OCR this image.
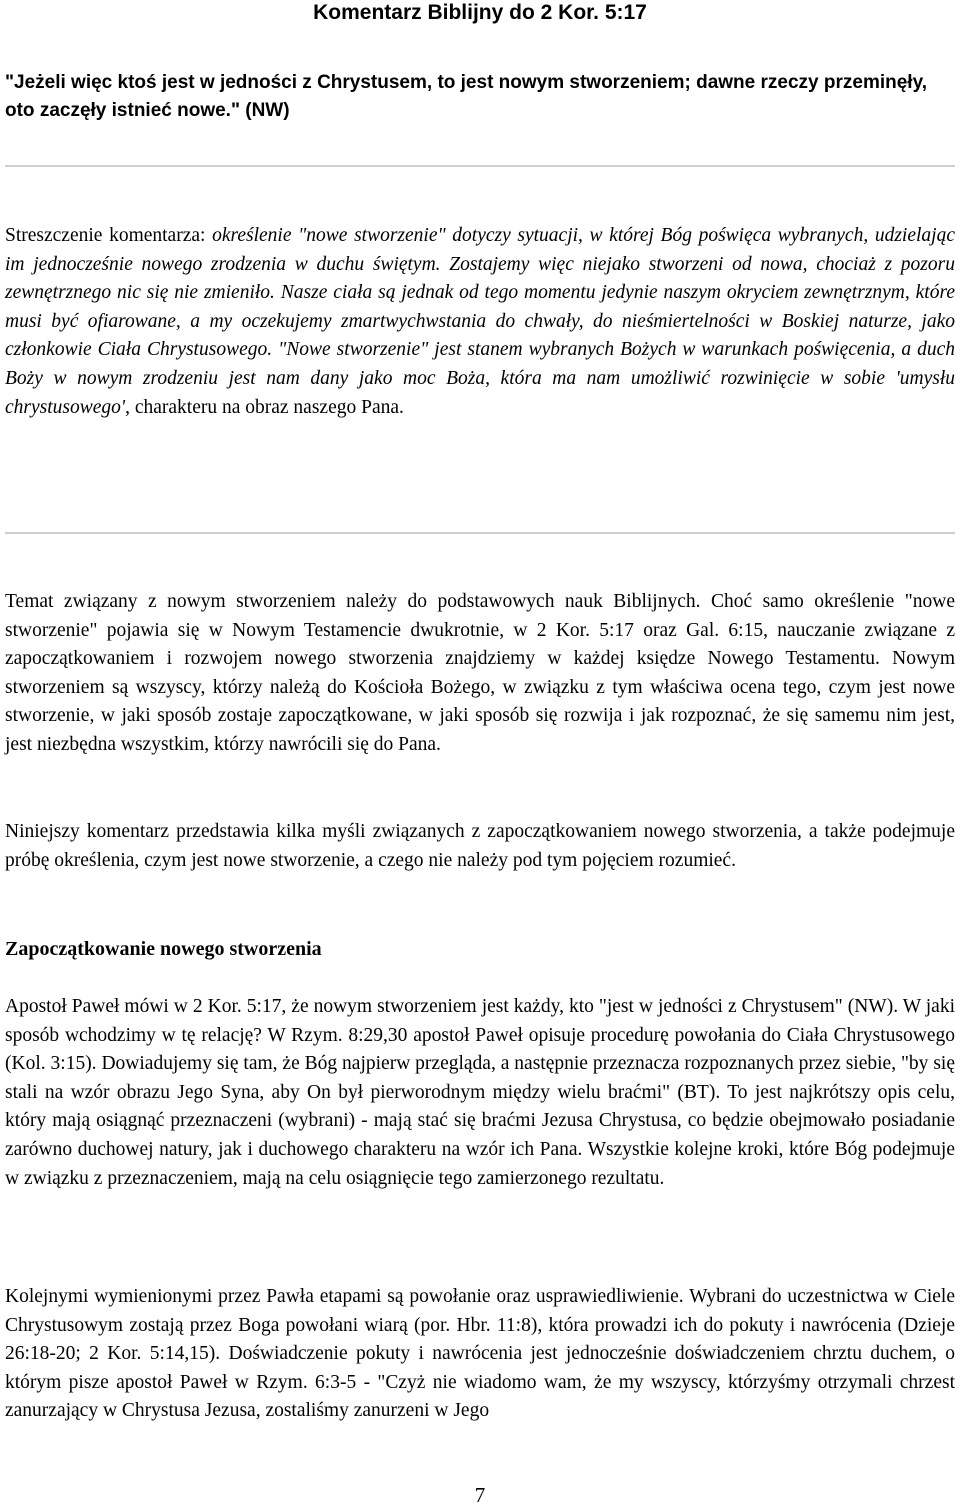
Komentarz Biblijny do 2 Kor. 5:17

"Jeżeli więc ktoś jest w jedności z Chrystusem, to jest nowym stworzeniem; dawne rzeczy przeminęły, oto zaczęły istnieć nowe." (NW)

Streszczenie komentarza: określenie "nowe stworzenie" dotyczy sytuacji, w której Bóg poświęca wybranych, udzielając im jednocześnie nowego zrodzenia w duchu świętym. Zostajemy więc niejako stworzeni od nowa, chociaż z pozoru zewnętrznego nic się nie zmieniło. Nasze ciała są jednak od tego momentu jedynie naszym okryciem zewnętrznym, które musi być ofiarowane, a my oczekujemy zmartwychwstania do chwały, do nieśmiertelności w Boskiej naturze, jako członkowie Ciała Chrystusowego. "Nowe stworzenie" jest stanem wybranych Bożych w warunkach poświęcenia, a duch Boży w nowym zrodzeniu jest nam dany jako moc Boża, która ma nam umożliwić rozwinięcie w sobie 'umysłu chrystusowego', charakteru na obraz naszego Pana.

Temat związany z nowym stworzeniem należy do podstawowych nauk Biblijnych. Choć samo określenie "nowe stworzenie" pojawia się w Nowym Testamencie dwukrotnie, w 2 Kor. 5:17 oraz Gal. 6:15, nauczanie związane z zapoczątkowaniem i rozwojem nowego stworzenia znajdziemy w każdej księdze Nowego Testamentu. Nowym stworzeniem są wszyscy, którzy należą do Kościoła Bożego, w związku z tym właściwa ocena tego, czym jest nowe stworzenie, w jaki sposób zostaje zapoczątkowane, w jaki sposób się rozwija i jak rozpoznać, że się samemu nim jest, jest niezbędna wszystkim, którzy nawrócili się do Pana.

Niniejszy komentarz przedstawia kilka myśli związanych z zapoczątkowaniem nowego stworzenia, a także podejmuje próbę określenia, czym jest nowe stworzenie, a czego nie należy pod tym pojęciem rozumieć.

Zapoczątkowanie nowego stworzenia

Apostoł Paweł mówi w 2 Kor. 5:17, że nowym stworzeniem jest każdy, kto "jest w jedności z Chrystusem" (NW). W jaki sposób wchodzimy w tę relację? W Rzym. 8:29,30 apostoł Paweł opisuje procedurę powołania do Ciała Chrystusowego (Kol. 3:15). Dowiadujemy się tam, że Bóg najpierw przegląda, a następnie przeznacza rozpoznanych przez siebie, "by się stali na wzór obrazu Jego Syna, aby On był pierworodnym między wielu braćmi" (BT). To jest najkrótszy opis celu, który mają osiągnąć przeznaczeni (wybrani) - mają stać się braćmi Jezusa Chrystusa, co będzie obejmowało posiadanie zarówno duchowej natury, jak i duchowego charakteru na wzór ich Pana. Wszystkie kolejne kroki, które Bóg podejmuje w związku z przeznaczeniem, mają na celu osiągnięcie tego zamierzonego rezultatu.

Kolejnymi wymienionymi przez Pawła etapami są powołanie oraz usprawiedliwienie. Wybrani do uczestnictwa w Ciele Chrystusowym zostają przez Boga powołani wiarą (por. Hbr. 11:8), która prowadzi ich do pokuty i nawrócenia (Dzieje 26:18-20; 2 Kor. 5:14,15). Doświadczenie pokuty i nawrócenia jest jednocześnie doświadczeniem chrztu duchem, o którym pisze apostoł Paweł w Rzym. 6:3-5 - "Czyż nie wiadomo wam, że my wszyscy, którzyśmy otrzymali chrzest zanurzający w Chrystusa Jezusa, zostaliśmy zanurzeni w Jego

7
